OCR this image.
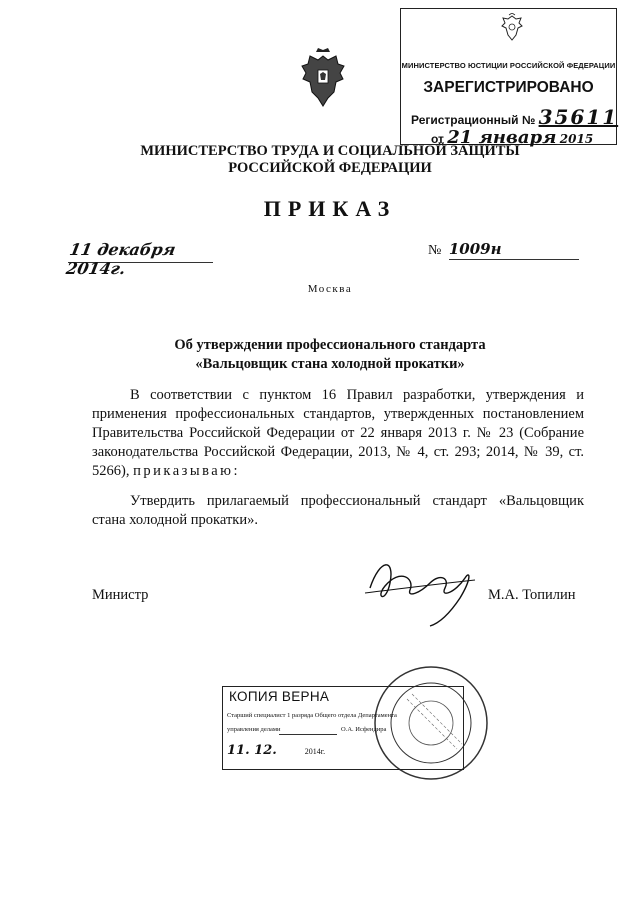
МИНИСТЕРСТВО ЮСТИЦИИ РОССИЙСКОЙ ФЕДЕРАЦИИ
ЗАРЕГИСТРИРОВАНО
Регистрационный № 35611
от 21 января 2015
МИНИСТЕРСТВО ТРУДА И СОЦИАЛЬНОЙ ЗАЩИТЫ
РОССИЙСКОЙ ФЕДЕРАЦИИ
ПРИКАЗ
11 декабря 2014г.
№ 1009н
Москва
Об утверждении профессионального стандарта
«Вальцовщик стана холодной прокатки»
В соответствии с пунктом 16 Правил разработки, утверждения и применения профессиональных стандартов, утвержденных постановлением Правительства Российской Федерации от 22 января 2013 г. № 23 (Собрание законодательства Российской Федерации, 2013, № 4, ст. 293; 2014, № 39, ст. 5266), приказываю:
Утвердить прилагаемый профессиональный стандарт «Вальцовщик стана холодной прокатки».
Министр	М.А. Топилин
КОПИЯ ВЕРНА
Старший специалист 1 разряда Общего отдела Департамента
управления делами	О.А. Исфендира
11. 12.	2014г.
